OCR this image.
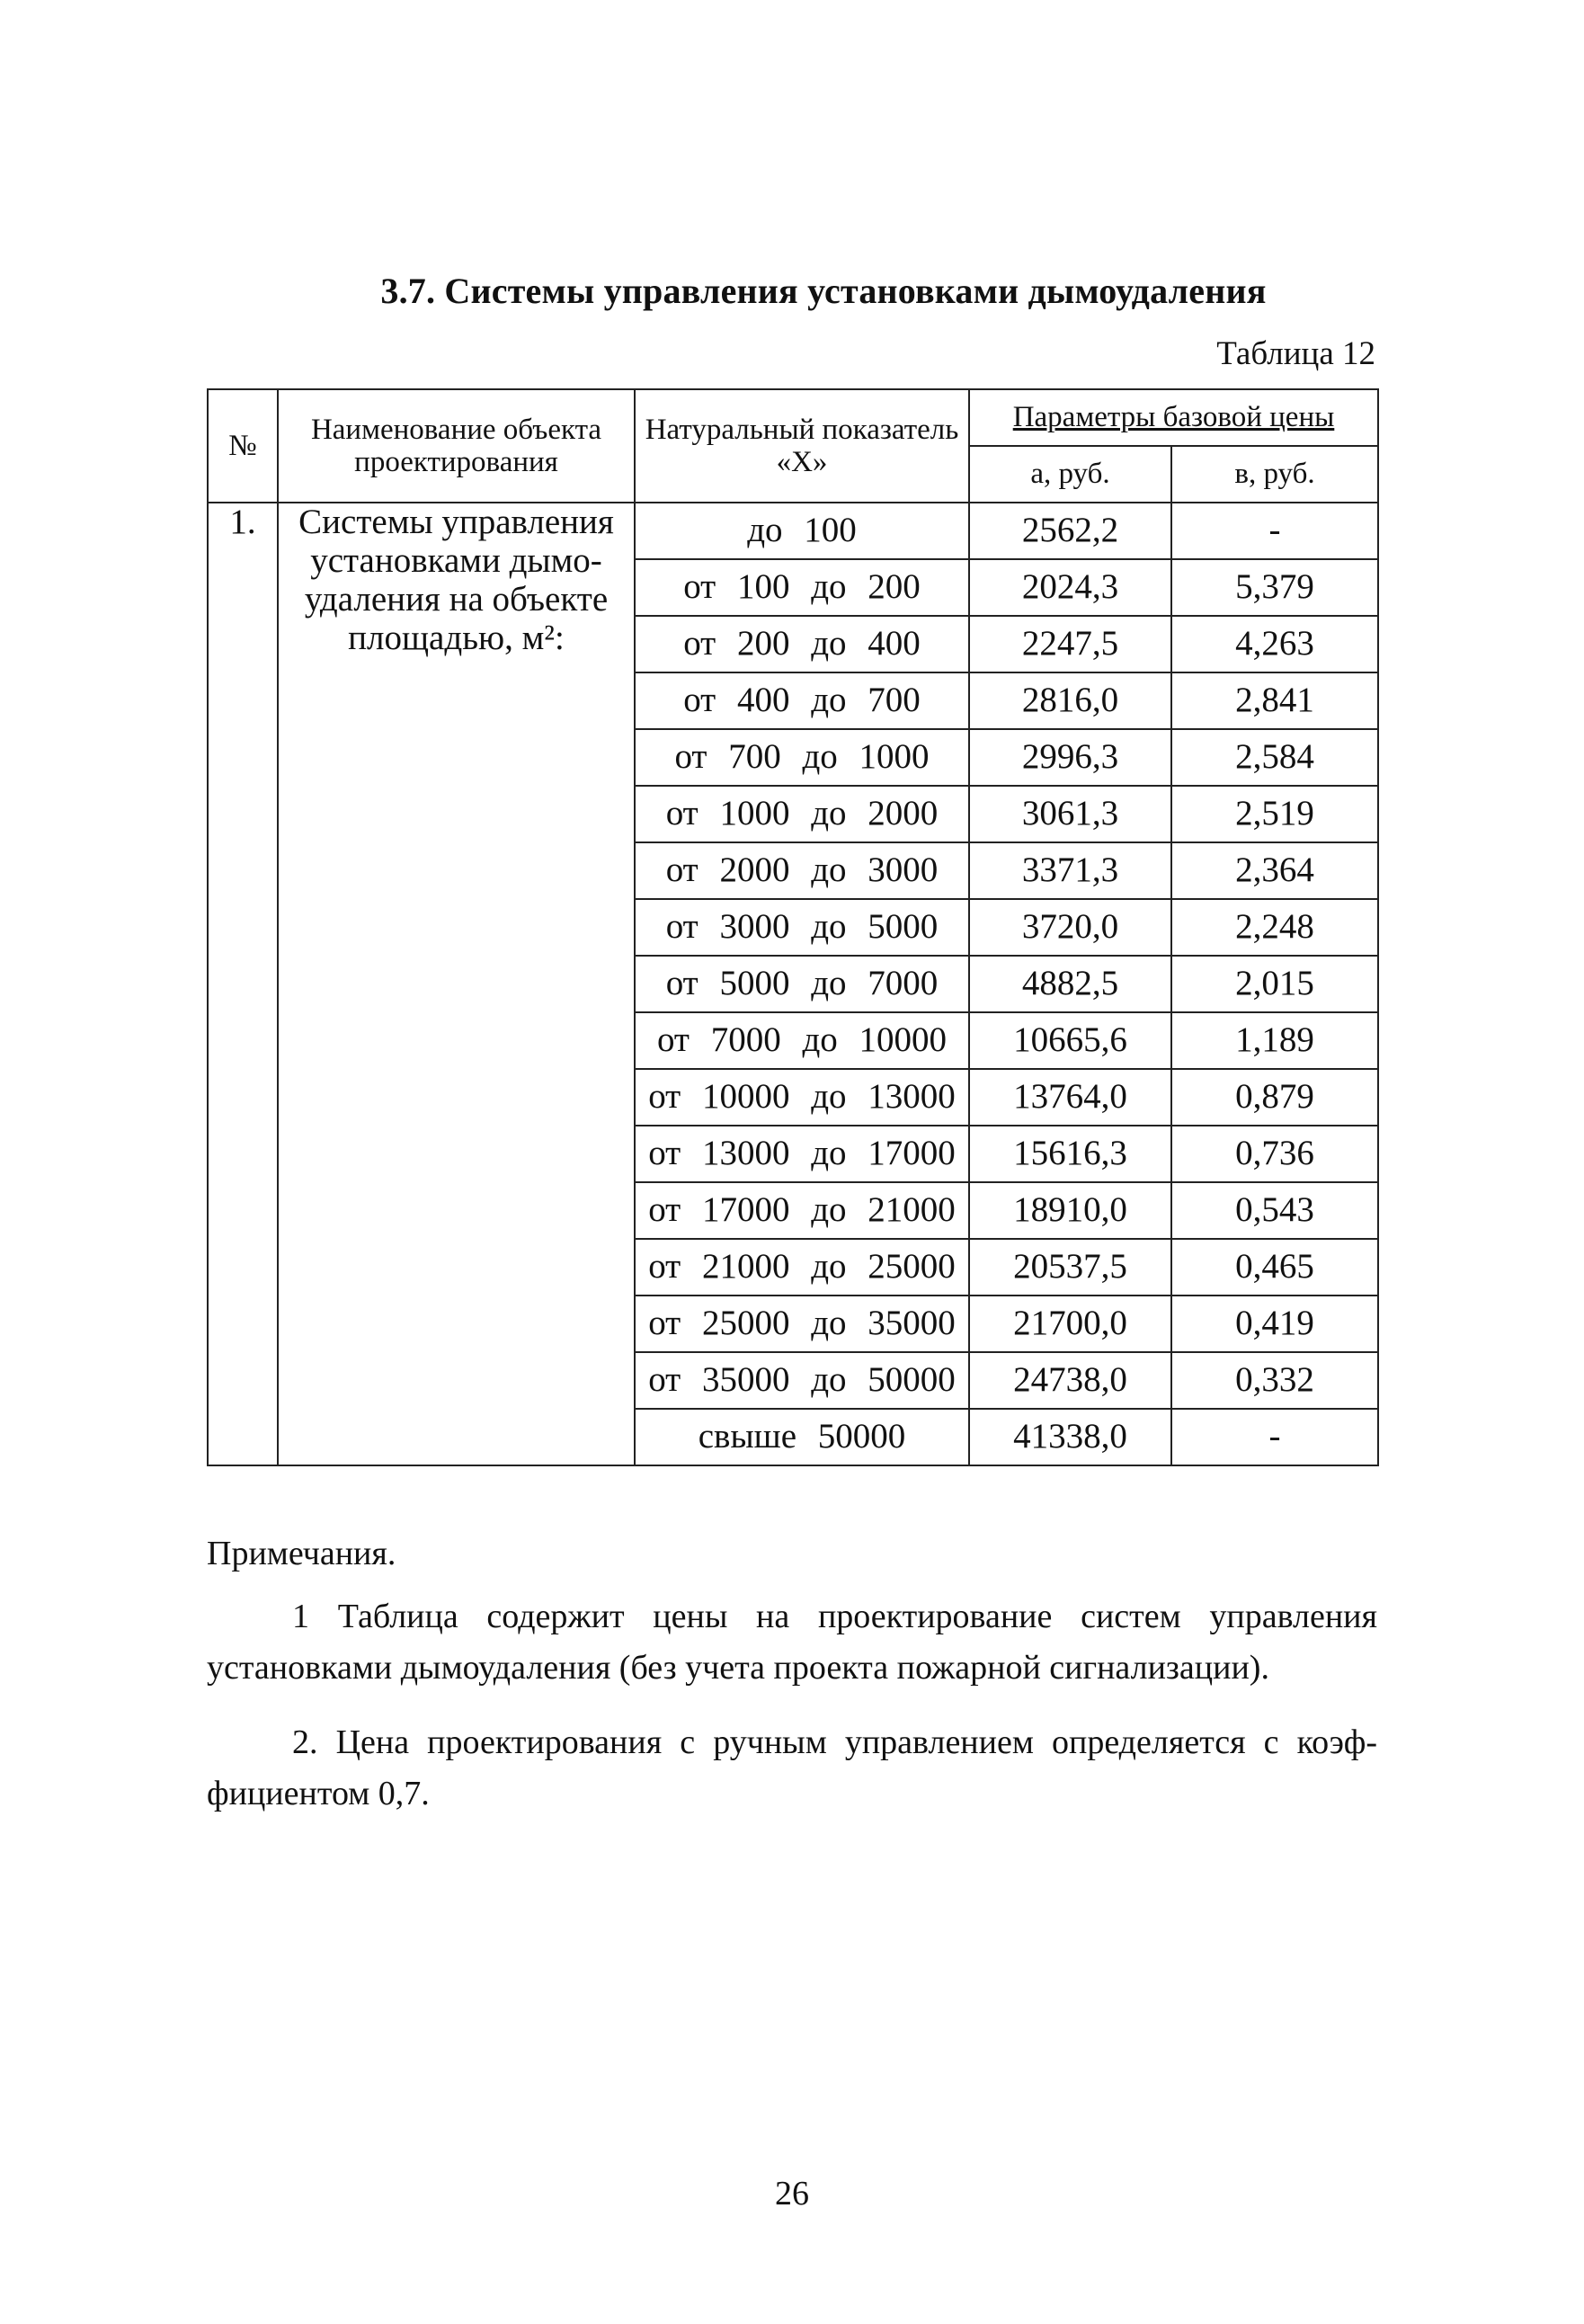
3.7. Системы управления установками дымоудаления
Таблица 12
№	Наименование объекта проектирования	Натуральный показатель «X»	Параметры базовой цены	
			а, руб.	в, руб.
1.	Системы управления установками дымо-удаления на объекте площадью, м²:	до 100	2562,2	-
		от 100 до 200	2024,3	5,379
		от 200 до 400	2247,5	4,263
		от 400 до 700	2816,0	2,841
		от 700 до 1000	2996,3	2,584
		от 1000 до 2000	3061,3	2,519
		от 2000 до 3000	3371,3	2,364
		от 3000 до 5000	3720,0	2,248
		от 5000 до 7000	4882,5	2,015
		от 7000 до 10000	10665,6	1,189
		от 10000 до 13000	13764,0	0,879
		от 13000 до 17000	15616,3	0,736
		от 17000 до 21000	18910,0	0,543
		от 21000 до 25000	20537,5	0,465
		от 25000 до 35000	21700,0	0,419
		от 35000 до 50000	24738,0	0,332
		свыше 50000	41338,0	-
Примечания.
1 Таблица содержит цены на проектирование систем управления установками дымоудаления (без учета проекта пожарной сигнализации).
2. Цена проектирования с ручным управлением определяется с коэф-фициентом 0,7.
26
